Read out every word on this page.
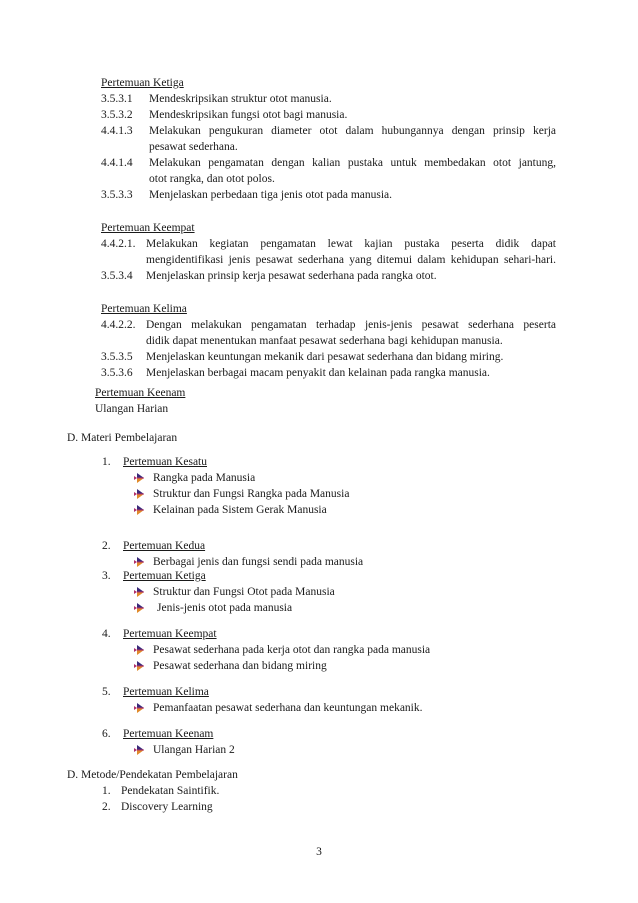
Pertemuan Ketiga
3.5.3.1 Mendeskripsikan struktur otot manusia.
3.5.3.2 Mendeskripsikan fungsi otot bagi manusia.
4.4.1.3 Melakukan pengukuran diameter otot dalam hubungannya dengan prinsip kerja
pesawat sederhana.
4.4.1.4 Melakukan pengamatan dengan kalian pustaka untuk membedakan otot jantung,
otot rangka, dan otot polos.
3.5.3.3 Menjelaskan perbedaan tiga jenis otot pada manusia.
Pertemuan Keempat
4.4.2.1. Melakukan kegiatan pengamatan lewat kajian pustaka peserta didik dapat
mengidentifikasi jenis pesawat sederhana yang ditemui dalam kehidupan sehari-hari.
3.5.3.4 Menjelaskan prinsip kerja pesawat sederhana pada rangka otot.
Pertemuan Kelima
4.4.2.2. Dengan melakukan pengamatan terhadap jenis-jenis pesawat sederhana peserta
didik dapat menentukan manfaat pesawat sederhana bagi kehidupan manusia.
3.5.3.5 Menjelaskan keuntungan mekanik dari pesawat sederhana dan bidang miring.
3.5.3.6 Menjelaskan berbagai macam penyakit dan kelainan pada rangka manusia.
Pertemuan Keenam
Ulangan Harian
D. Materi Pembelajaran
1. Pertemuan Kesatu
Rangka pada Manusia
Struktur dan Fungsi Rangka pada Manusia
Kelainan pada Sistem Gerak Manusia
2. Pertemuan Kedua
Berbagai jenis dan fungsi sendi pada manusia
3. Pertemuan Ketiga
Struktur dan Fungsi Otot pada Manusia
Jenis-jenis otot pada manusia
4. Pertemuan Keempat
Pesawat sederhana pada kerja otot dan rangka pada manusia
Pesawat sederhana dan bidang miring
5. Pertemuan Kelima
Pemanfaatan pesawat sederhana dan keuntungan mekanik.
6. Pertemuan Keenam
Ulangan Harian 2
D. Metode/Pendekatan Pembelajaran
1. Pendekatan Saintifik.
2. Discovery Learning
3
